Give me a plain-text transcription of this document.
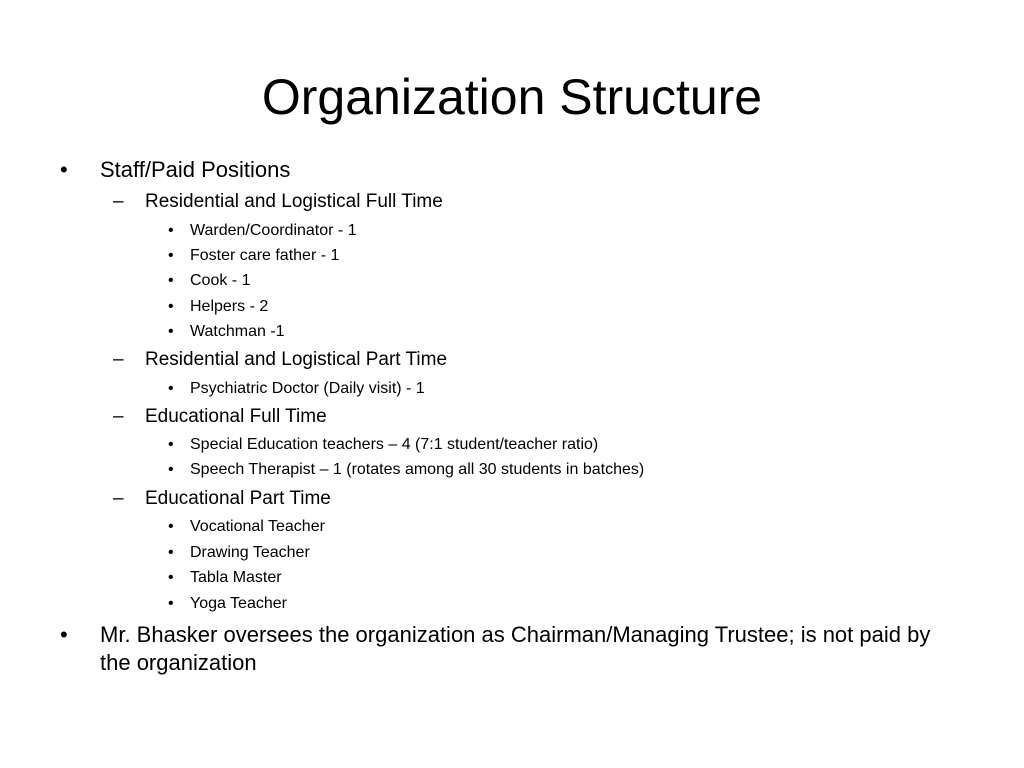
Organization Structure
• Staff/Paid Positions
– Residential and Logistical Full Time
• Warden/Coordinator - 1
• Foster care father - 1
• Cook - 1
• Helpers - 2
• Watchman -1
– Residential and Logistical Part Time
• Psychiatric Doctor (Daily visit) - 1
– Educational Full Time
• Special Education teachers – 4 (7:1 student/teacher ratio)
• Speech Therapist – 1 (rotates among all 30 students in batches)
– Educational Part Time
• Vocational Teacher
• Drawing Teacher
• Tabla Master
• Yoga Teacher
• Mr. Bhasker oversees the organization as Chairman/Managing Trustee; is not paid by the organization
